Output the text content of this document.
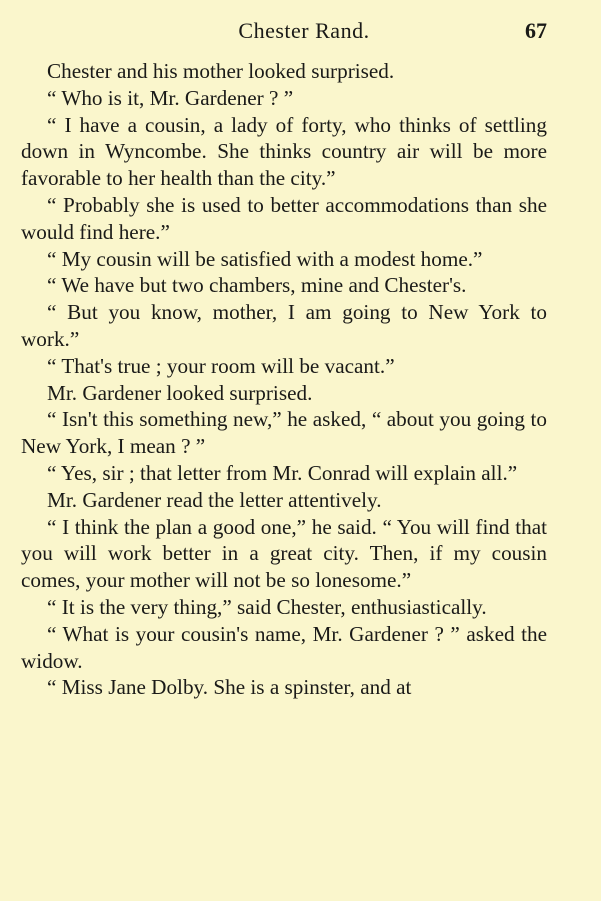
Chester Rand.	67

Chester and his mother looked surprised.

“ Who is it, Mr. Gardener ? ”

“ I have a cousin, a lady of forty, who thinks of settling down in Wyncombe. She thinks country air will be more favorable to her health than the city.”

“ Probably she is used to better accommodations than she would find here.”

“ My cousin will be satisfied with a modest home.”

“ We have but two chambers, mine and Chester's.

“ But you know, mother, I am going to New York to work.”

“ That's true ; your room will be vacant.”

Mr. Gardener looked surprised.

“ Isn't this something new,” he asked, “ about you going to New York, I mean ? ”

“ Yes, sir ; that letter from Mr. Conrad will explain all.”

Mr. Gardener read the letter attentively.

“ I think the plan a good one,” he said. “ You will find that you will work better in a great city. Then, if my cousin comes, your mother will not be so lonesome.”

“ It is the very thing,” said Chester, enthusiastically.

“ What is your cousin's name, Mr. Gardener ? ” asked the widow.

“ Miss Jane Dolby. She is a spinster, and at
